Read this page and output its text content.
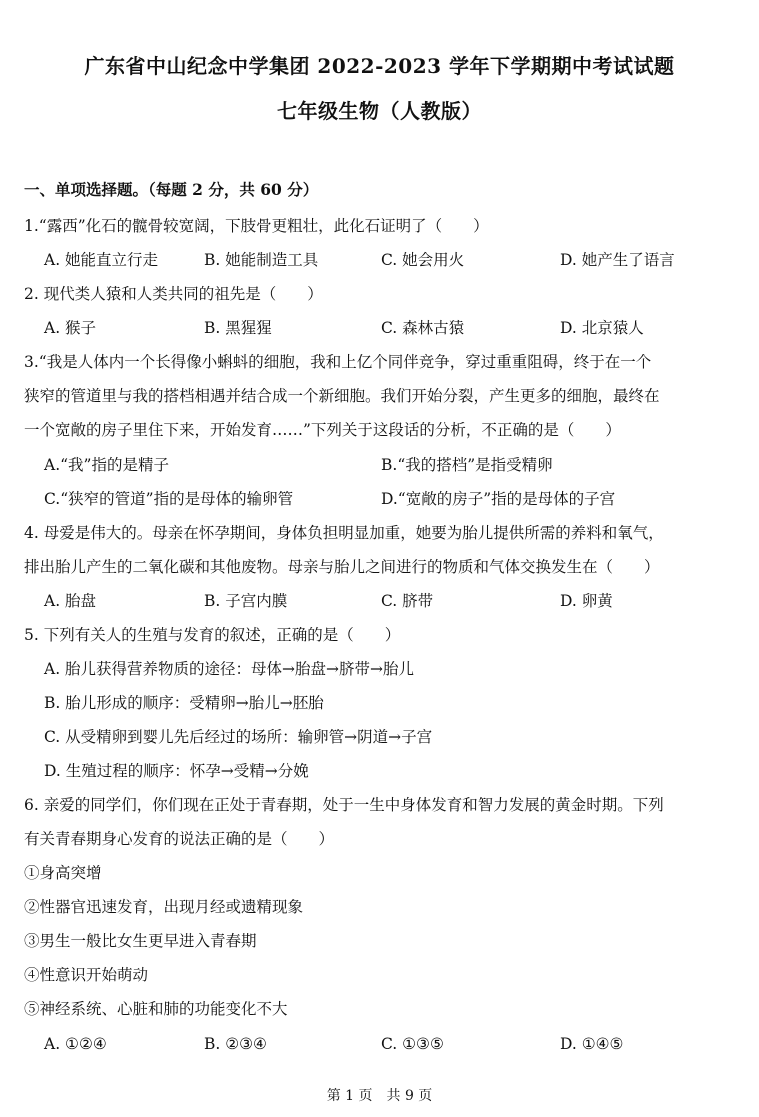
广东省中山纪念中学集团 2022-2023 学年下学期期中考试试题
七年级生物（人教版）
一、单项选择题。（每题 2 分，共 60 分）
1.“露西”化石的髋骨较宽阔，下肢骨更粗壮，此化石证明了（　　）
A. 她能直立行走	B. 她能制造工具	C. 她会用火	D. 她产生了语言
2. 现代类人猿和人类共同的祖先是（　　）
A. 猴子	B. 黑猩猩	C. 森林古猿	D. 北京猿人
3.“我是人体内一个长得像小蝌蚪的细胞，我和上亿个同伴竞争，穿过重重阻碍，终于在一个
狭窄的管道里与我的搭档相遇并结合成一个新细胞。我们开始分裂，产生更多的细胞，最终在
一个宽敞的房子里住下来，开始发育……”下列关于这段话的分析，不正确的是（　　）
A.“我”指的是精子	B.“我的搭档”是指受精卵
C.“狭窄的管道”指的是母体的输卵管	D.“宽敞的房子”指的是母体的子宫
4. 母爱是伟大的。母亲在怀孕期间，身体负担明显加重，她要为胎儿提供所需的养料和氧气，
排出胎儿产生的二氧化碳和其他废物。母亲与胎儿之间进行的物质和气体交换发生在（　　）
A. 胎盘	B. 子宫内膜	C. 脐带	D. 卵黄
5. 下列有关人的生殖与发育的叙述，正确的是（　　）
A. 胎儿获得营养物质的途径：母体→胎盘→脐带→胎儿
B. 胎儿形成的顺序：受精卵→胎儿→胚胎
C. 从受精卵到婴儿先后经过的场所：输卵管→阴道→子宫
D. 生殖过程的顺序：怀孕→受精→分娩
6. 亲爱的同学们，你们现在正处于青春期，处于一生中身体发育和智力发展的黄金时期。下列
有关青春期身心发育的说法正确的是（　　）
①身高突增
②性器官迅速发育，出现月经或遗精现象
③男生一般比女生更早进入青春期
④性意识开始萌动
⑤神经系统、心脏和肺的功能变化不大
A. ①②④	B. ②③④	C. ①③⑤	D. ①④⑤
第 1 页　共 9 页
